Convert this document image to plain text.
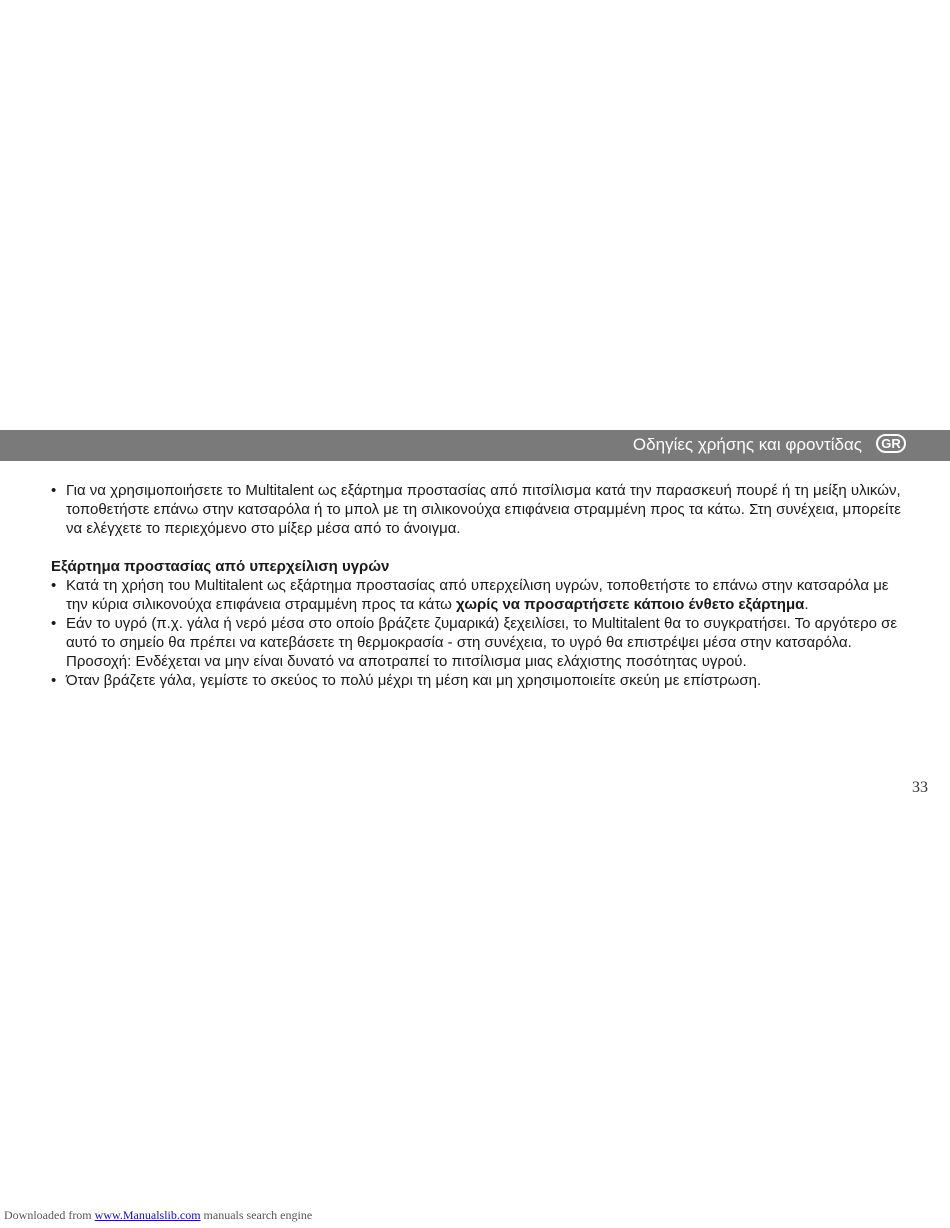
Οδηγίες χρήσης και φροντίδας	GR

• Για να χρησιμοποιήσετε το Multitalent ως εξάρτημα προστασίας από πιτσίλισμα κατά την παρασκευή πουρέ ή τη μείξη υλικών, τοποθετήστε επάνω στην κατσαρόλα ή το μπολ με τη σιλικονούχα επιφάνεια στραμμένη προς τα κάτω. Στη συνέχεια, μπορείτε να ελέγχετε το περιεχόμενο στο μίξερ μέσα από το άνοιγμα.

Εξάρτημα προστασίας από υπερχείλιση υγρών

• Κατά τη χρήση του Multitalent ως εξάρτημα προστασίας από υπερχείλιση υγρών, τοποθετήστε το επάνω στην κατσαρόλα με την κύρια σιλικονούχα επιφάνεια στραμμένη προς τα κάτω χωρίς να προσαρτήσετε κάποιο ένθετο εξάρτημα.

• Εάν το υγρό (π.χ. γάλα ή νερό μέσα στο οποίο βράζετε ζυμαρικά) ξεχειλίσει, το Multitalent θα το συγκρατήσει. Το αργότερο σε αυτό το σημείο θα πρέπει να κατεβάσετε τη θερμοκρασία - στη συνέχεια, το υγρό θα επιστρέψει μέσα στην κατσαρόλα. Προσοχή: Ενδέχεται να μην είναι δυνατό να αποτραπεί το πιτσίλισμα μιας ελάχιστης ποσότητας υγρού.

• Όταν βράζετε γάλα, γεμίστε το σκεύος το πολύ μέχρι τη μέση και μη χρησιμοποιείτε σκεύη με επίστρωση.

33
Downloaded from www.Manualslib.com manuals search engine
